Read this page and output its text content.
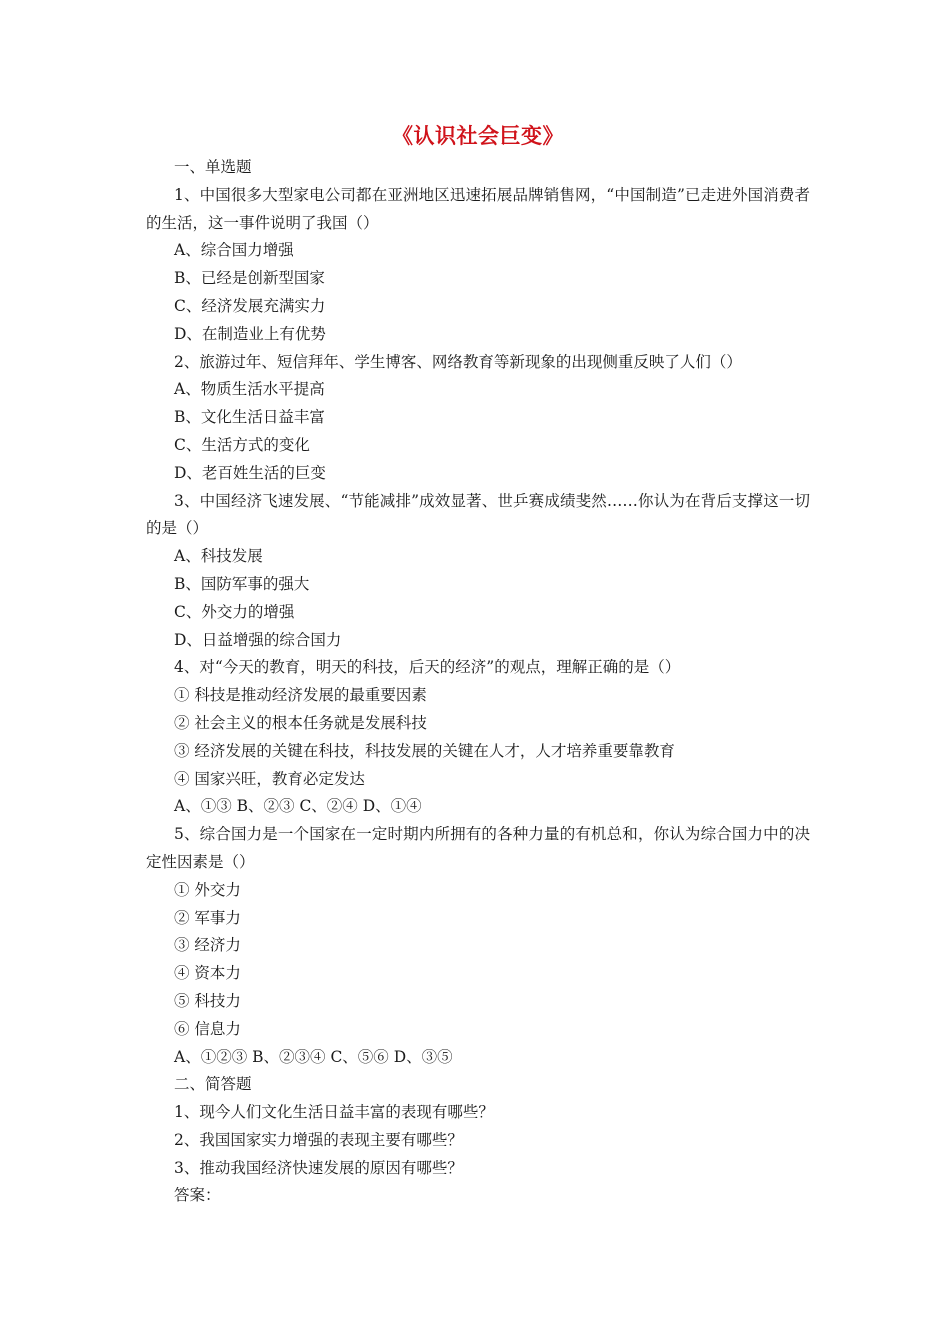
《认识社会巨变》

一、单选题

1、中国很多大型家电公司都在亚洲地区迅速拓展品牌销售网，“中国制造”已走进外国消费者的生活，这一事件说明了我国（）

A、综合国力增强

B、已经是创新型国家

C、经济发展充满实力

D、在制造业上有优势

2、旅游过年、短信拜年、学生博客、网络教育等新现象的出现侧重反映了人们（）

A、物质生活水平提高

B、文化生活日益丰富

C、生活方式的变化

D、老百姓生活的巨变

3、中国经济飞速发展、“节能减排”成效显著、世乒赛成绩斐然……你认为在背后支撑这一切的是（）

A、科技发展

B、国防军事的强大

C、外交力的增强

D、日益增强的综合国力

4、对“今天的教育，明天的科技，后天的经济”的观点，理解正确的是（）

① 科技是推动经济发展的最重要因素

② 社会主义的根本任务就是发展科技

③ 经济发展的关键在科技，科技发展的关键在人才，人才培养重要靠教育

④ 国家兴旺，教育必定发达

A、①③ B、②③ C、②④ D、①④

5、综合国力是一个国家在一定时期内所拥有的各种力量的有机总和，你认为综合国力中的决定性因素是（）

① 外交力

② 军事力

③ 经济力

④ 资本力

⑤ 科技力

⑥ 信息力

A、①②③ B、②③④ C、⑤⑥ D、③⑤

二、简答题

1、现今人们文化生活日益丰富的表现有哪些？

2、我国国家实力增强的表现主要有哪些？

3、推动我国经济快速发展的原因有哪些？

答案：
